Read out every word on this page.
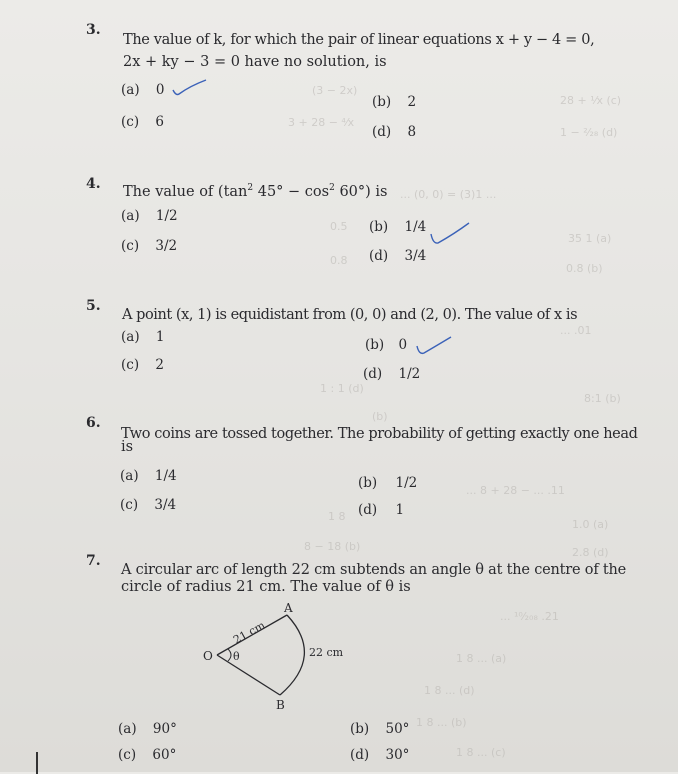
(3 − 2x)
28 + ¹⁄x (c)
3 + 28 − ⁴⁄x
1 − ²⁄₂₈ (d)
... (0, 0) = (3)1 ...
0.5
35 1 (a)
0.8
0.8 (b)
... .01
1 : 1 (d)
8:1 (b)
(b)
... 8 + 28 − ... .11
1 8
1.0 (a)
8 − 18 (b)	2.8 (d)
... ¹⁰⁄₂₀₈ .21
1 8 ... (a)
1 8 ... (d)
1 8 ... (b)
1 8 ... (c)
3.
The value of k, for which the pair of linear equations x + y − 4 = 0,
2x + ky − 3 = 0 have no solution, is
(a) 0
(b) 2
(c) 6
(d) 8
4. The value of ($\tan^2$ $45^\circ - \cos^2 60^\circ$) is
(a) 1/2
(b) 1/4
(c) 3/2
(d) 3/4
5.
A point (x, 1) is equidistant from (0, 0) and (2, 0). The value of x is
(a) 1	(b) 0
(c) 2
(d) 1/2
6.
Two coins are tossed together. The probability of getting exactly one head
is
(a) 1/4	(b) 1/2
(c) 3/4	(d) 1
7.
A circular arc of length 22 cm subtends an angle θ at the centre of the
circle of radius 21 cm. The value of θ is
O θ
A
B
21 cm
22 cm
(a) 90°	(b) 50°
(c) 60°	(d) 30°
